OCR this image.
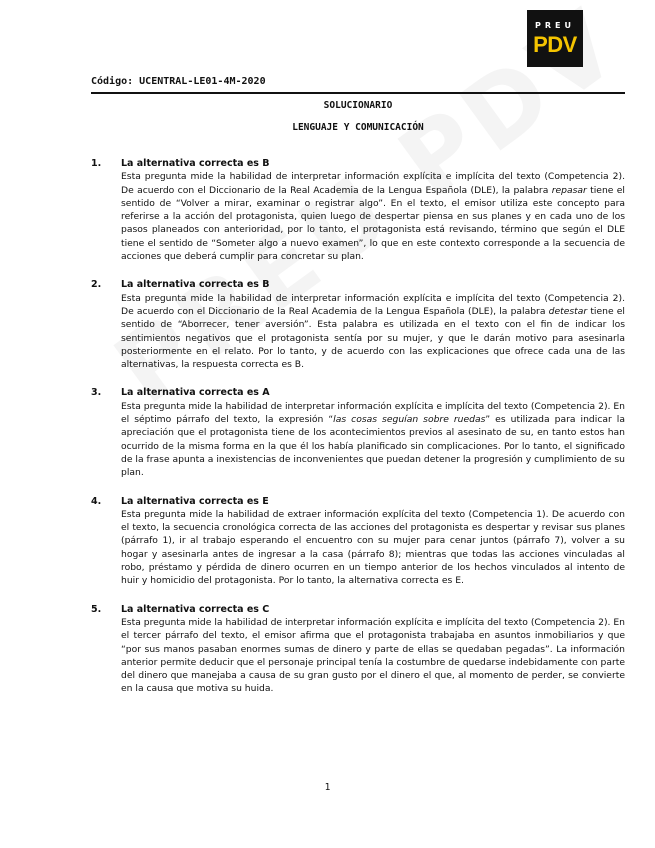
PREU
PDV
Código: UCENTRAL-LE01-4M-2020
SOLUCIONARIO
LENGUAJE Y COMUNICACIÓN
1.	La alternativa correcta es B

Esta pregunta mide la habilidad de interpretar información explícita e implícita del texto (Competencia 2). De acuerdo con el Diccionario de la Real Academia de la Lengua Española (DLE), la palabra repasar tiene el sentido de “Volver a mirar, examinar o registrar algo”. En el texto, el emisor utiliza este concepto para referirse a la acción del protagonista, quien luego de despertar piensa en sus planes y en cada uno de los pasos planeados con anterioridad, por lo tanto, el protagonista está revisando, término que según el DLE tiene el sentido de “Someter algo a nuevo examen”, lo que en este contexto corresponde a la secuencia de acciones que deberá cumplir para concretar su plan.

2.	La alternativa correcta es B

Esta pregunta mide la habilidad de interpretar información explícita e implícita del texto (Competencia 2). De acuerdo con el Diccionario de la Real Academia de la Lengua Española (DLE), la palabra detestar tiene el sentido de “Aborrecer, tener aversión”. Esta palabra es utilizada en el texto con el fin de indicar los sentimientos negativos que el protagonista sentía por su mujer, y que le darán motivo para asesinarla posteriormente en el relato. Por lo tanto, y de acuerdo con las explicaciones que ofrece cada una de las alternativas, la respuesta correcta es B.

3.	La alternativa correcta es A

Esta pregunta mide la habilidad de interpretar información explícita e implícita del texto (Competencia 2). En el séptimo párrafo del texto, la expresión “las cosas seguían sobre ruedas” es utilizada para indicar la apreciación que el protagonista tiene de los acontecimientos previos al asesinato de su, en tanto estos han ocurrido de la misma forma en la que él los había planificado sin complicaciones. Por lo tanto, el significado de la frase apunta a inexistencias de inconvenientes que puedan detener la progresión y cumplimiento de su plan.

4.	La alternativa correcta es E

Esta pregunta mide la habilidad de extraer información explícita del texto (Competencia 1). De acuerdo con el texto, la secuencia cronológica correcta de las acciones del protagonista es despertar y revisar sus planes (párrafo 1), ir al trabajo esperando el encuentro con su mujer para cenar juntos (párrafo 7), volver a su hogar y asesinarla antes de ingresar a la casa (párrafo 8); mientras que todas las acciones vinculadas al robo, préstamo y pérdida de dinero ocurren en un tiempo anterior de los hechos vinculados al intento de huir y homicidio del protagonista. Por lo tanto, la alternativa correcta es E.

5.	La alternativa correcta es C

Esta pregunta mide la habilidad de interpretar información explícita e implícita del texto (Competencia 2). En el tercer párrafo del texto, el emisor afirma que el protagonista trabajaba en asuntos inmobiliarios y que “por sus manos pasaban enormes sumas de dinero y parte de ellas se quedaban pegadas”. La información anterior permite deducir que el personaje principal tenía la costumbre de quedarse indebidamente con parte del dinero que manejaba a causa de su gran gusto por el dinero el que, al momento de perder, se convierte en la causa que motiva su huida.

1
